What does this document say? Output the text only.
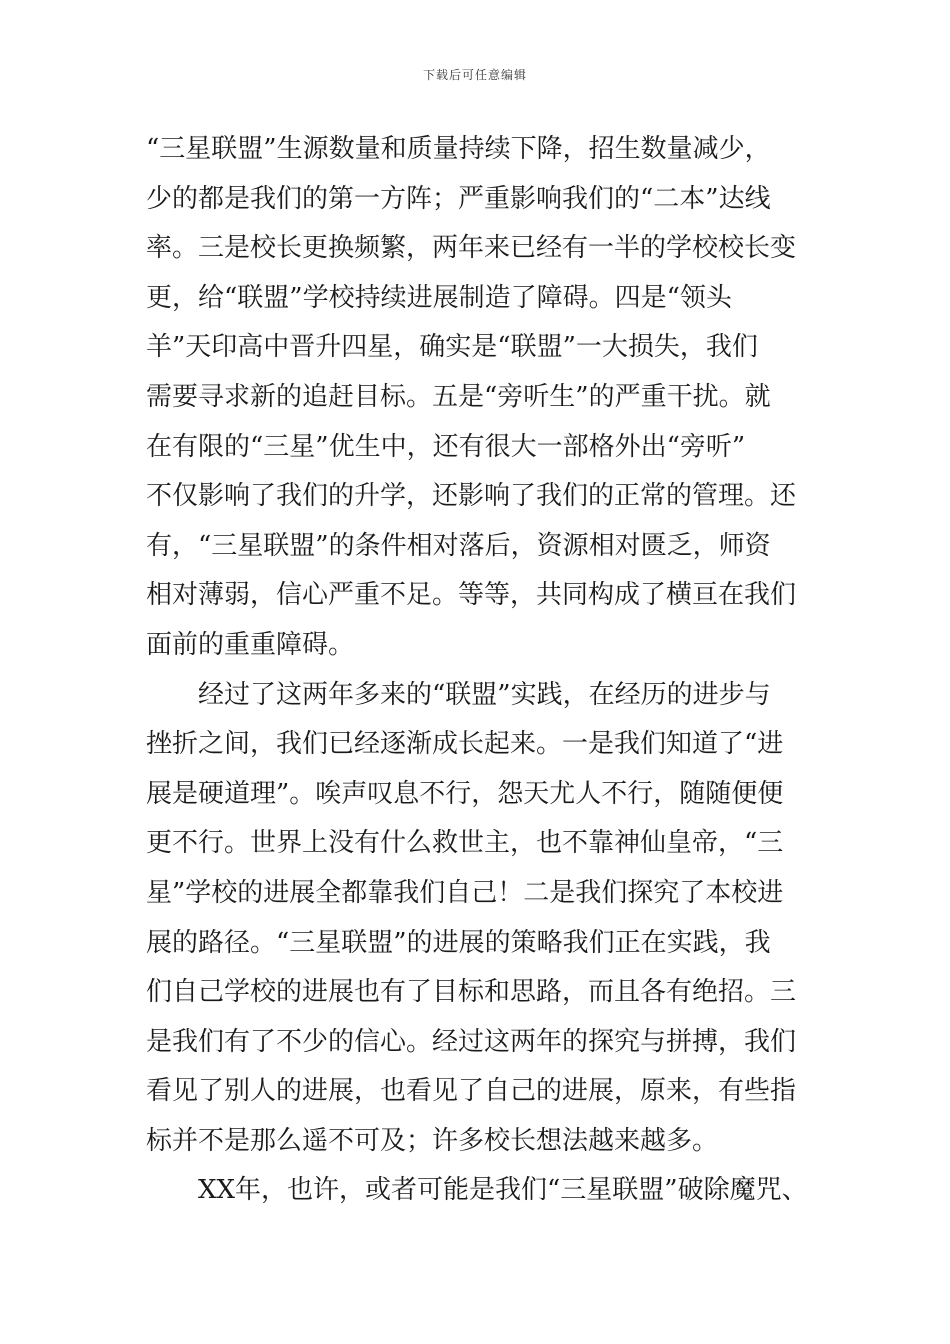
下载后可任意编辑
“三星联盟”生源数量和质量持续下降，招生数量减少，
少的都是我们的第一方阵；严重影响我们的“二本”达线
率。三是校长更换频繁，两年来已经有一半的学校校长变
更，给“联盟”学校持续进展制造了障碍。四是“领头
羊”天印高中晋升四星，确实是“联盟”一大损失，我们
需要寻求新的追赶目标。五是“旁听生”的严重干扰。就
在有限的“三星”优生中，还有很大一部格外出“旁听”
不仅影响了我们的升学，还影响了我们的正常的管理。还
有，“三星联盟”的条件相对落后，资源相对匮乏，师资
相对薄弱，信心严重不足。等等，共同构成了横亘在我们
面前的重重障碍。
经过了这两年多来的“联盟”实践，在经历的进步与
挫折之间，我们已经逐渐成长起来。一是我们知道了“进
展是硬道理”。唉声叹息不行，怨天尤人不行，随随便便
更不行。世界上没有什么救世主，也不靠神仙皇帝，“三
星”学校的进展全都靠我们自己！二是我们探究了本校进
展的路径。“三星联盟”的进展的策略我们正在实践，我
们自己学校的进展也有了目标和思路，而且各有绝招。三
是我们有了不少的信心。经过这两年的探究与拼搏，我们
看见了别人的进展，也看见了自己的进展，原来，有些指
标并不是那么遥不可及；许多校长想法越来越多。
XX年，也许，或者可能是我们“三星联盟”破除魔咒、
